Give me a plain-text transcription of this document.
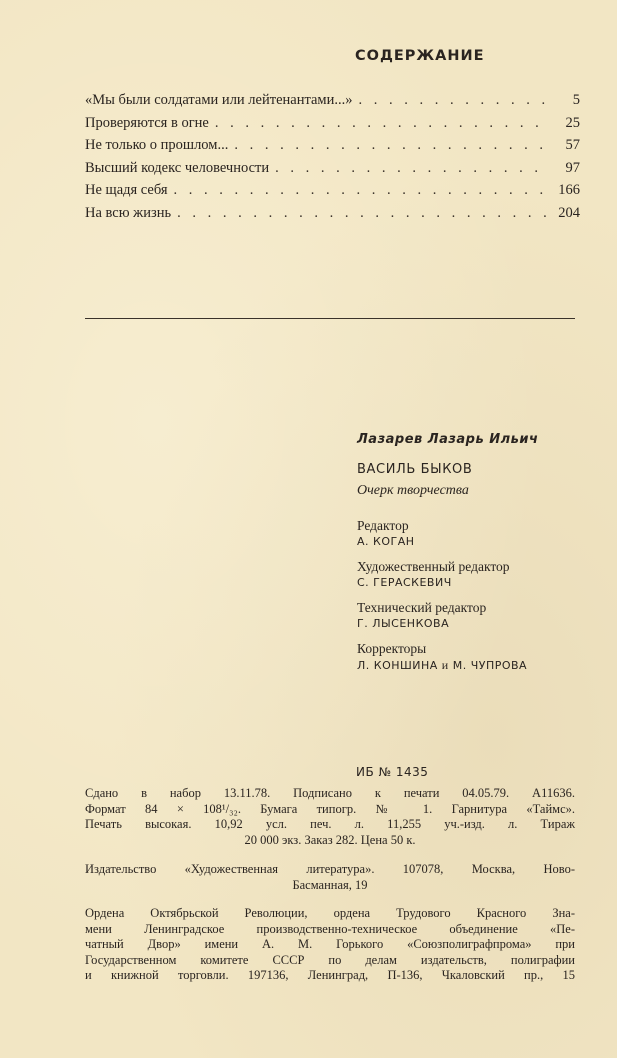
СОДЕРЖАНИЕ
«Мы были солдатами или лейтенантами...» . . .	5
Проверяются в огне . . .	25
Не только о прошлом... . . .	57
Высший кодекс человечности . . .	97
Не щадя себя . . .	166
На всю жизнь . . .	204
Лазарев Лазарь Ильич
ВАСИЛЬ БЫКОВ
Очерк творчества
Редактор
А. КОГАН
Художественный редактор
С. ГЕРАСКЕВИЧ
Технический редактор
Г. ЛЫСЕНКОВА
Корректоры
Л. КОНШИНА и М. ЧУПРОВА
ИБ № 1435
Сдано в набор 13.11.78. Подписано к печати 04.05.79. А11636.
Формат 84 × 108¹/₃₂. Бумага типогр. № 1. Гарнитура «Таймс».
Печать высокая. 10,92 усл. печ. л. 11,255 уч.-изд. л. Тираж
20 000 экз. Заказ 282. Цена 50 к.
Издательство «Художественная литература». 107078, Москва, Ново-
Басманная, 19
Ордена Октябрьской Революции, ордена Трудового Красного Зна-
мени Ленинградское производственно-техническое объединение «Пе-
чатный Двор» имени А. М. Горького «Союзполиграфпрома» при
Государственном комитете СССР по делам издательств, полиграфии
и книжной торговли. 197136, Ленинград, П-136, Чкаловский пр., 15
